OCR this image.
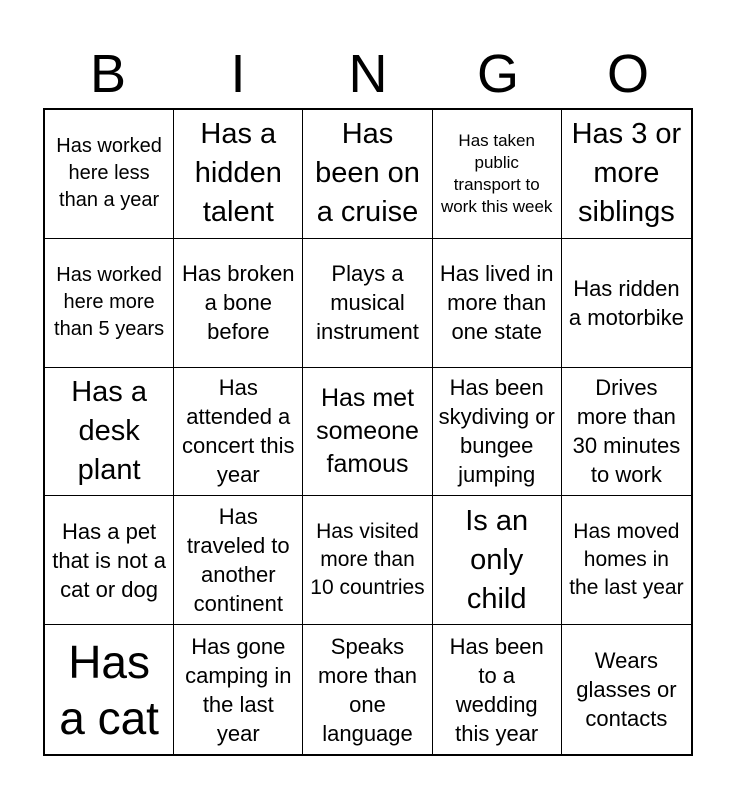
B	I	N	G	O
Has worked here less than a year
Has a hidden talent
Has been on a cruise
Has taken public transport to work this week
Has 3 or more siblings
Has worked here more than 5 years
Has broken a bone before
Plays a musical instrument
Has lived in more than one state
Has ridden a motorbike
Has a desk plant
Has attended a concert this year
Has met someone famous
Has been skydiving or bungee jumping
Drives more than 30 minutes to work
Has a pet that is not a cat or dog
Has traveled to another continent
Has visited more than 10 countries
Is an only child
Has moved homes in the last year
Has a cat
Has gone camping in the last year
Speaks more than one language
Has been to a wedding this year
Wears glasses or contacts
